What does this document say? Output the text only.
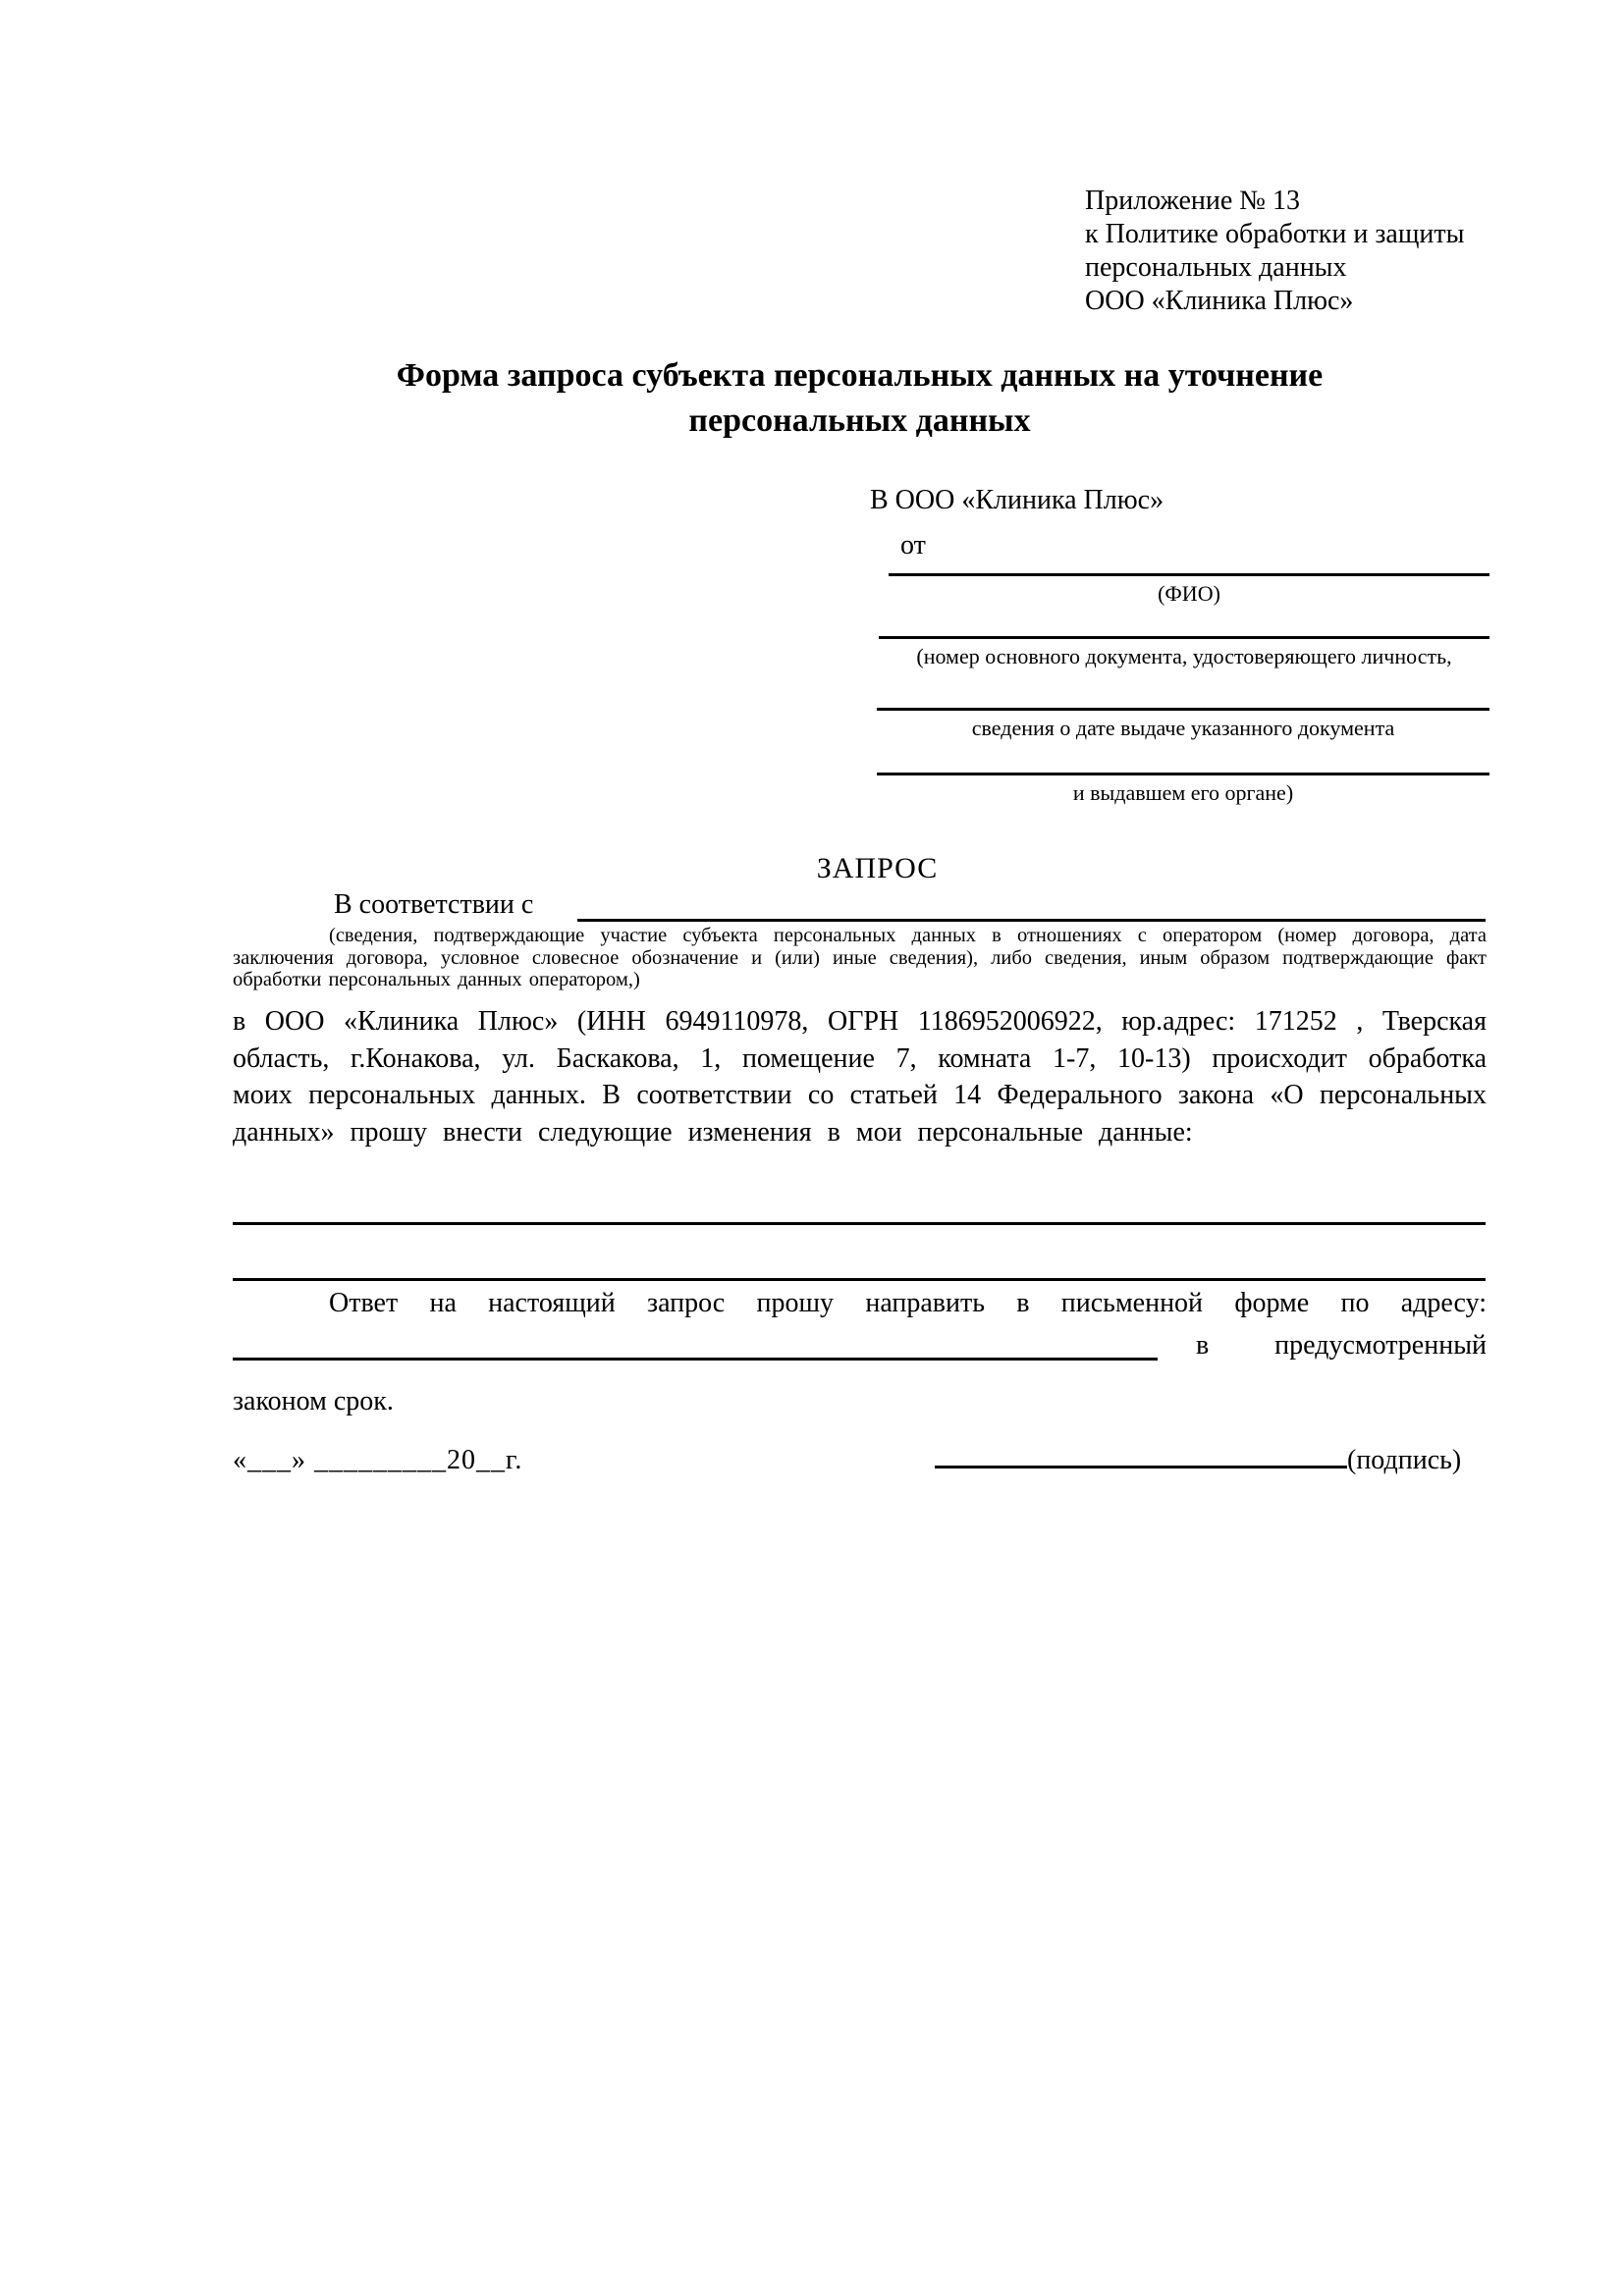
Приложение № 13
к Политике обработки и защиты
персональных данных
ООО «Клиника Плюс»
Форма запроса субъекта персональных данных на уточнение
персональных данных
В ООО «Клиника Плюс»
от
(ФИО)
(номер основного документа, удостоверяющего личность,
сведения о дате выдаче указанного документа
и выдавшем его органе)
ЗАПРОС
В соответствии с
(сведения, подтверждающие участие субъекта персональных данных в отношениях с оператором (номер договора, дата заключения договора, условное словесное обозначение и (или) иные сведения), либо сведения, иным образом подтверждающие факт обработки персональных данных оператором,)
в ООО «Клиника Плюс» (ИНН 6949110978, ОГРН 1186952006922, юр.адрес: 171252 , Тверская область, г.Конакова, ул. Баскакова, 1, помещение 7, комната 1-7, 10-13) происходит обработка моих персональных данных. В соответствии со статьей 14 Федерального закона «О персональных данных» прошу внести следующие изменения в мои персональные данные:
Ответ на настоящий запрос прошу направить в письменной форме по адресу:
в предусмотренный
законом срок.
«___» _________20__г.	(подпись)
